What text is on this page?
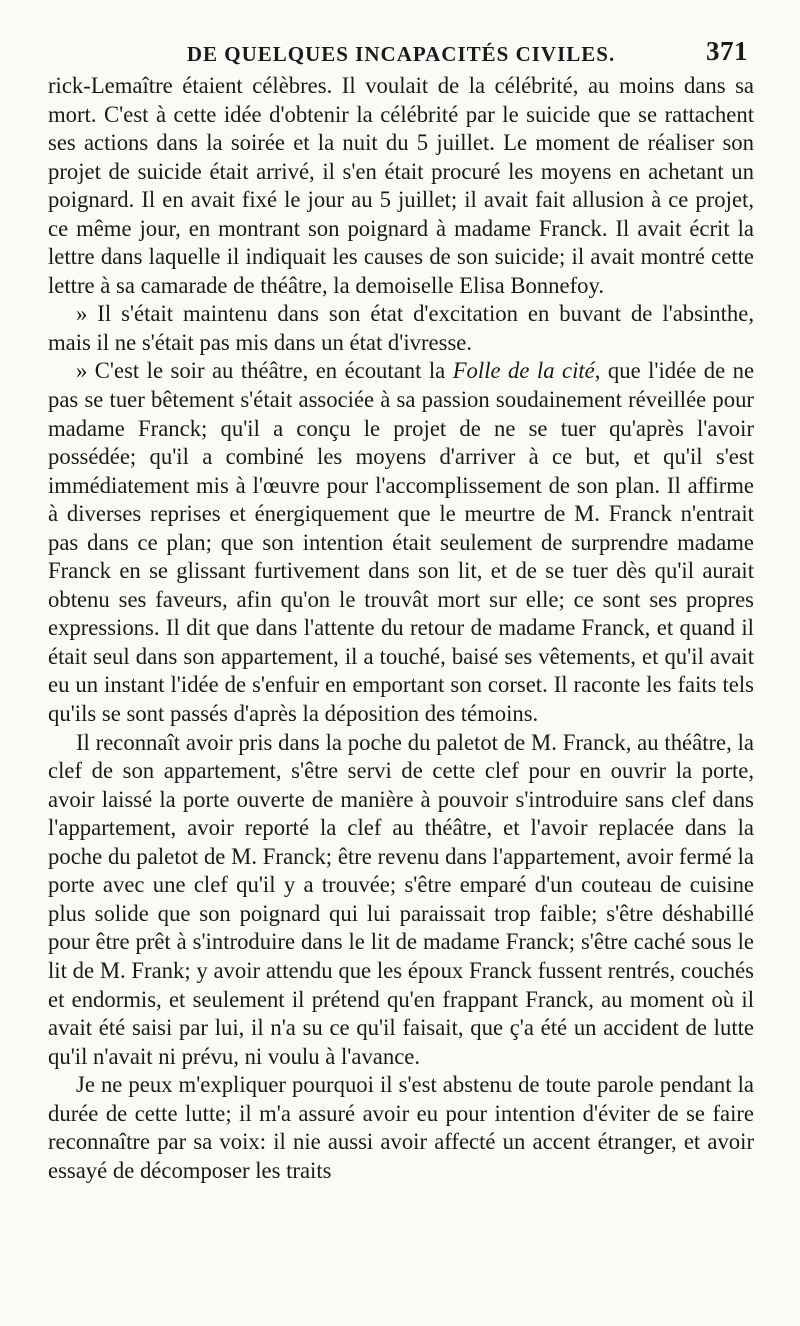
DE QUELQUES INCAPACITÉS CIVILES.	371

rick-Lemaître étaient célèbres. Il voulait de la célébrité, au moins dans sa mort. C'est à cette idée d'obtenir la célébrité par le suicide que se rattachent ses actions dans la soirée et la nuit du 5 juillet. Le moment de réaliser son projet de suicide était arrivé, il s'en était procuré les moyens en achetant un poignard. Il en avait fixé le jour au 5 juillet; il avait fait allusion à ce projet, ce même jour, en montrant son poignard à madame Franck. Il avait écrit la lettre dans laquelle il indiquait les causes de son suicide; il avait montré cette lettre à sa camarade de théâtre, la demoiselle Elisa Bonnefoy.

» Il s'était maintenu dans son état d'excitation en buvant de l'absinthe, mais il ne s'était pas mis dans un état d'ivresse.

» C'est le soir au théâtre, en écoutant la Folle de la cité, que l'idée de ne pas se tuer bêtement s'était associée à sa passion soudainement réveillée pour madame Franck; qu'il a conçu le projet de ne se tuer qu'après l'avoir possédée; qu'il a combiné les moyens d'arriver à ce but, et qu'il s'est immédiatement mis à l'œuvre pour l'accomplissement de son plan. Il affirme à diverses reprises et énergiquement que le meurtre de M. Franck n'entrait pas dans ce plan; que son intention était seulement de surprendre madame Franck en se glissant furtivement dans son lit, et de se tuer dès qu'il aurait obtenu ses faveurs, afin qu'on le trouvât mort sur elle; ce sont ses propres expressions. Il dit que dans l'attente du retour de madame Franck, et quand il était seul dans son appartement, il a touché, baisé ses vêtements, et qu'il avait eu un instant l'idée de s'enfuir en emportant son corset. Il raconte les faits tels qu'ils se sont passés d'après la déposition des témoins.

Il reconnaît avoir pris dans la poche du paletot de M. Franck, au théâtre, la clef de son appartement, s'être servi de cette clef pour en ouvrir la porte, avoir laissé la porte ouverte de manière à pouvoir s'introduire sans clef dans l'appartement, avoir reporté la clef au théâtre, et l'avoir replacée dans la poche du paletot de M. Franck; être revenu dans l'appartement, avoir fermé la porte avec une clef qu'il y a trouvée; s'être emparé d'un couteau de cuisine plus solide que son poignard qui lui paraissait trop faible; s'être déshabillé pour être prêt à s'introduire dans le lit de madame Franck; s'être caché sous le lit de M. Frank; y avoir attendu que les époux Franck fussent rentrés, couchés et endormis, et seulement il prétend qu'en frappant Franck, au moment où il avait été saisi par lui, il n'a su ce qu'il faisait, que ç'a été un accident de lutte qu'il n'avait ni prévu, ni voulu à l'avance.

Je ne peux m'expliquer pourquoi il s'est abstenu de toute parole pendant la durée de cette lutte; il m'a assuré avoir eu pour intention d'éviter de se faire reconnaître par sa voix: il nie aussi avoir affecté un accent étranger, et avoir essayé de décomposer les traits
